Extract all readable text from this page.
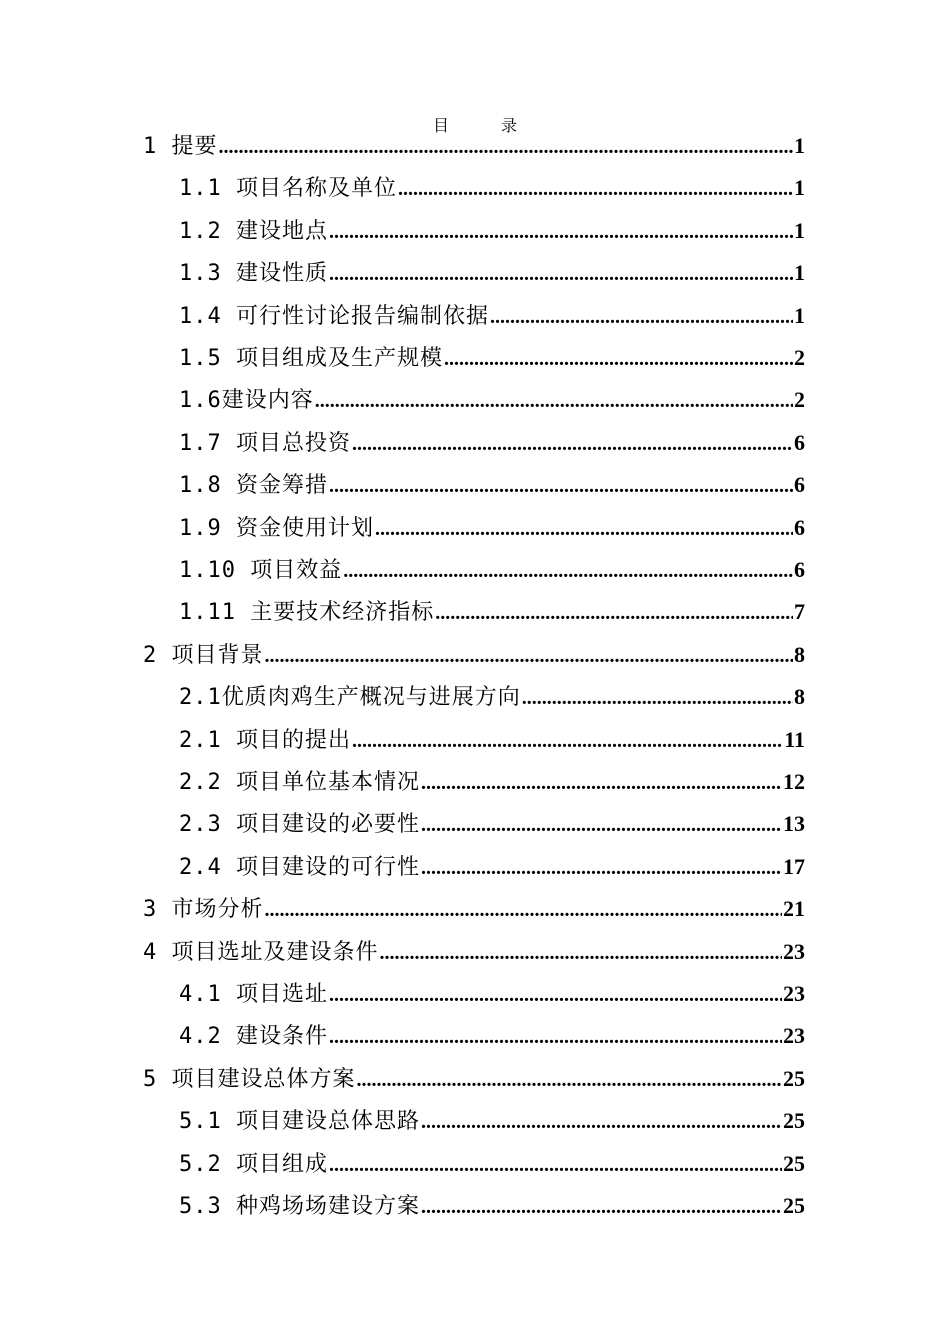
目	录
1 提要 .....	1
1.1 项目名称及单位 .....	1
1.2 建设地点 .....	1
1.3 建设性质 .....	1
1.4 可行性讨论报告编制依据 .....	1
1.5 项目组成及生产规模 .....	2
1.6建设内容 .....	2
1.7 项目总投资 .....	6
1.8 资金筹措 .....	6
1.9 资金使用计划 .....	6
1.10 项目效益 .....	6
1.11 主要技术经济指标 .....	7
2 项目背景 .....	8
2.1优质肉鸡生产概况与进展方向 .....	8
2.1 项目的提出 .....	11
2.2 项目单位基本情况 .....	12
2.3 项目建设的必要性 .....	13
2.4 项目建设的可行性 .....	17
3 市场分析 .....	21
4 项目选址及建设条件 .....	23
4.1 项目选址 .....	23
4.2 建设条件 .....	23
5 项目建设总体方案 .....	25
5.1 项目建设总体思路 .....	25
5.2 项目组成 .....	25
5.3 种鸡场场建设方案 .....	25
